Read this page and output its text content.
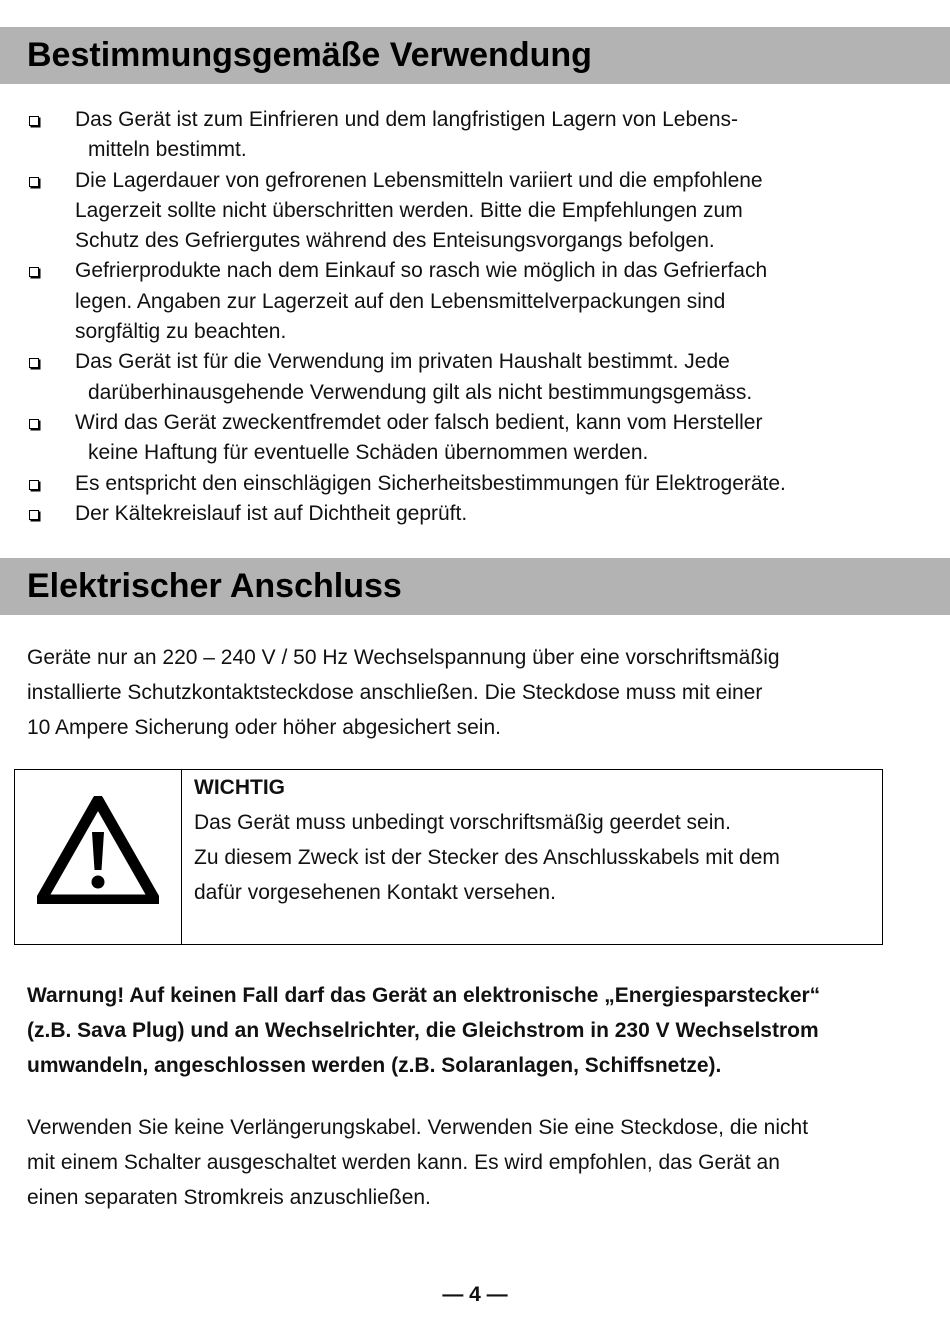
Bestimmungsgemäße Verwendung
Das Gerät ist zum Einfrieren und dem langfristigen Lagern von Lebens-
mitteln bestimmt.
Die Lagerdauer von gefrorenen Lebensmitteln variiert und die empfohlene
Lagerzeit sollte nicht überschritten werden. Bitte die Empfehlungen zum
Schutz des Gefriergutes während des Enteisungsvorgangs befolgen.
Gefrierprodukte nach dem Einkauf so rasch wie möglich in das Gefrierfach
legen. Angaben zur Lagerzeit auf den Lebensmittelverpackungen sind
sorgfältig zu beachten.
Das Gerät ist für die Verwendung im privaten Haushalt bestimmt. Jede
darüberhinausgehende Verwendung gilt als nicht bestimmungsgemäss.
Wird das Gerät zweckentfremdet oder falsch bedient, kann vom Hersteller
keine Haftung für eventuelle Schäden übernommen werden.
Es entspricht den einschlägigen Sicherheitsbestimmungen für Elektrogeräte.
Der Kältekreislauf ist auf Dichtheit geprüft.
Elektrischer Anschluss

Geräte nur an 220 – 240 V / 50 Hz Wechselspannung über eine vorschriftsmäßig
installierte Schutzkontaktsteckdose anschließen. Die Steckdose muss mit einer
10 Ampere Sicherung oder höher abgesichert sein.

WICHTIG
Das Gerät muss unbedingt vorschriftsmäßig geerdet sein.
Zu diesem Zweck ist der Stecker des Anschlusskabels mit dem
dafür vorgesehenen Kontakt versehen.

Warnung! Auf keinen Fall darf das Gerät an elektronische „Energiesparstecker“
(z.B. Sava Plug) und an Wechselrichter, die Gleichstrom in 230 V Wechselstrom
umwandeln, angeschlossen werden (z.B. Solaranlagen, Schiffsnetze).

Verwenden Sie keine Verlängerungskabel. Verwenden Sie eine Steckdose, die nicht
mit einem Schalter ausgeschaltet werden kann. Es wird empfohlen, das Gerät an
einen separaten Stromkreis anzuschließen.

— 4 —
